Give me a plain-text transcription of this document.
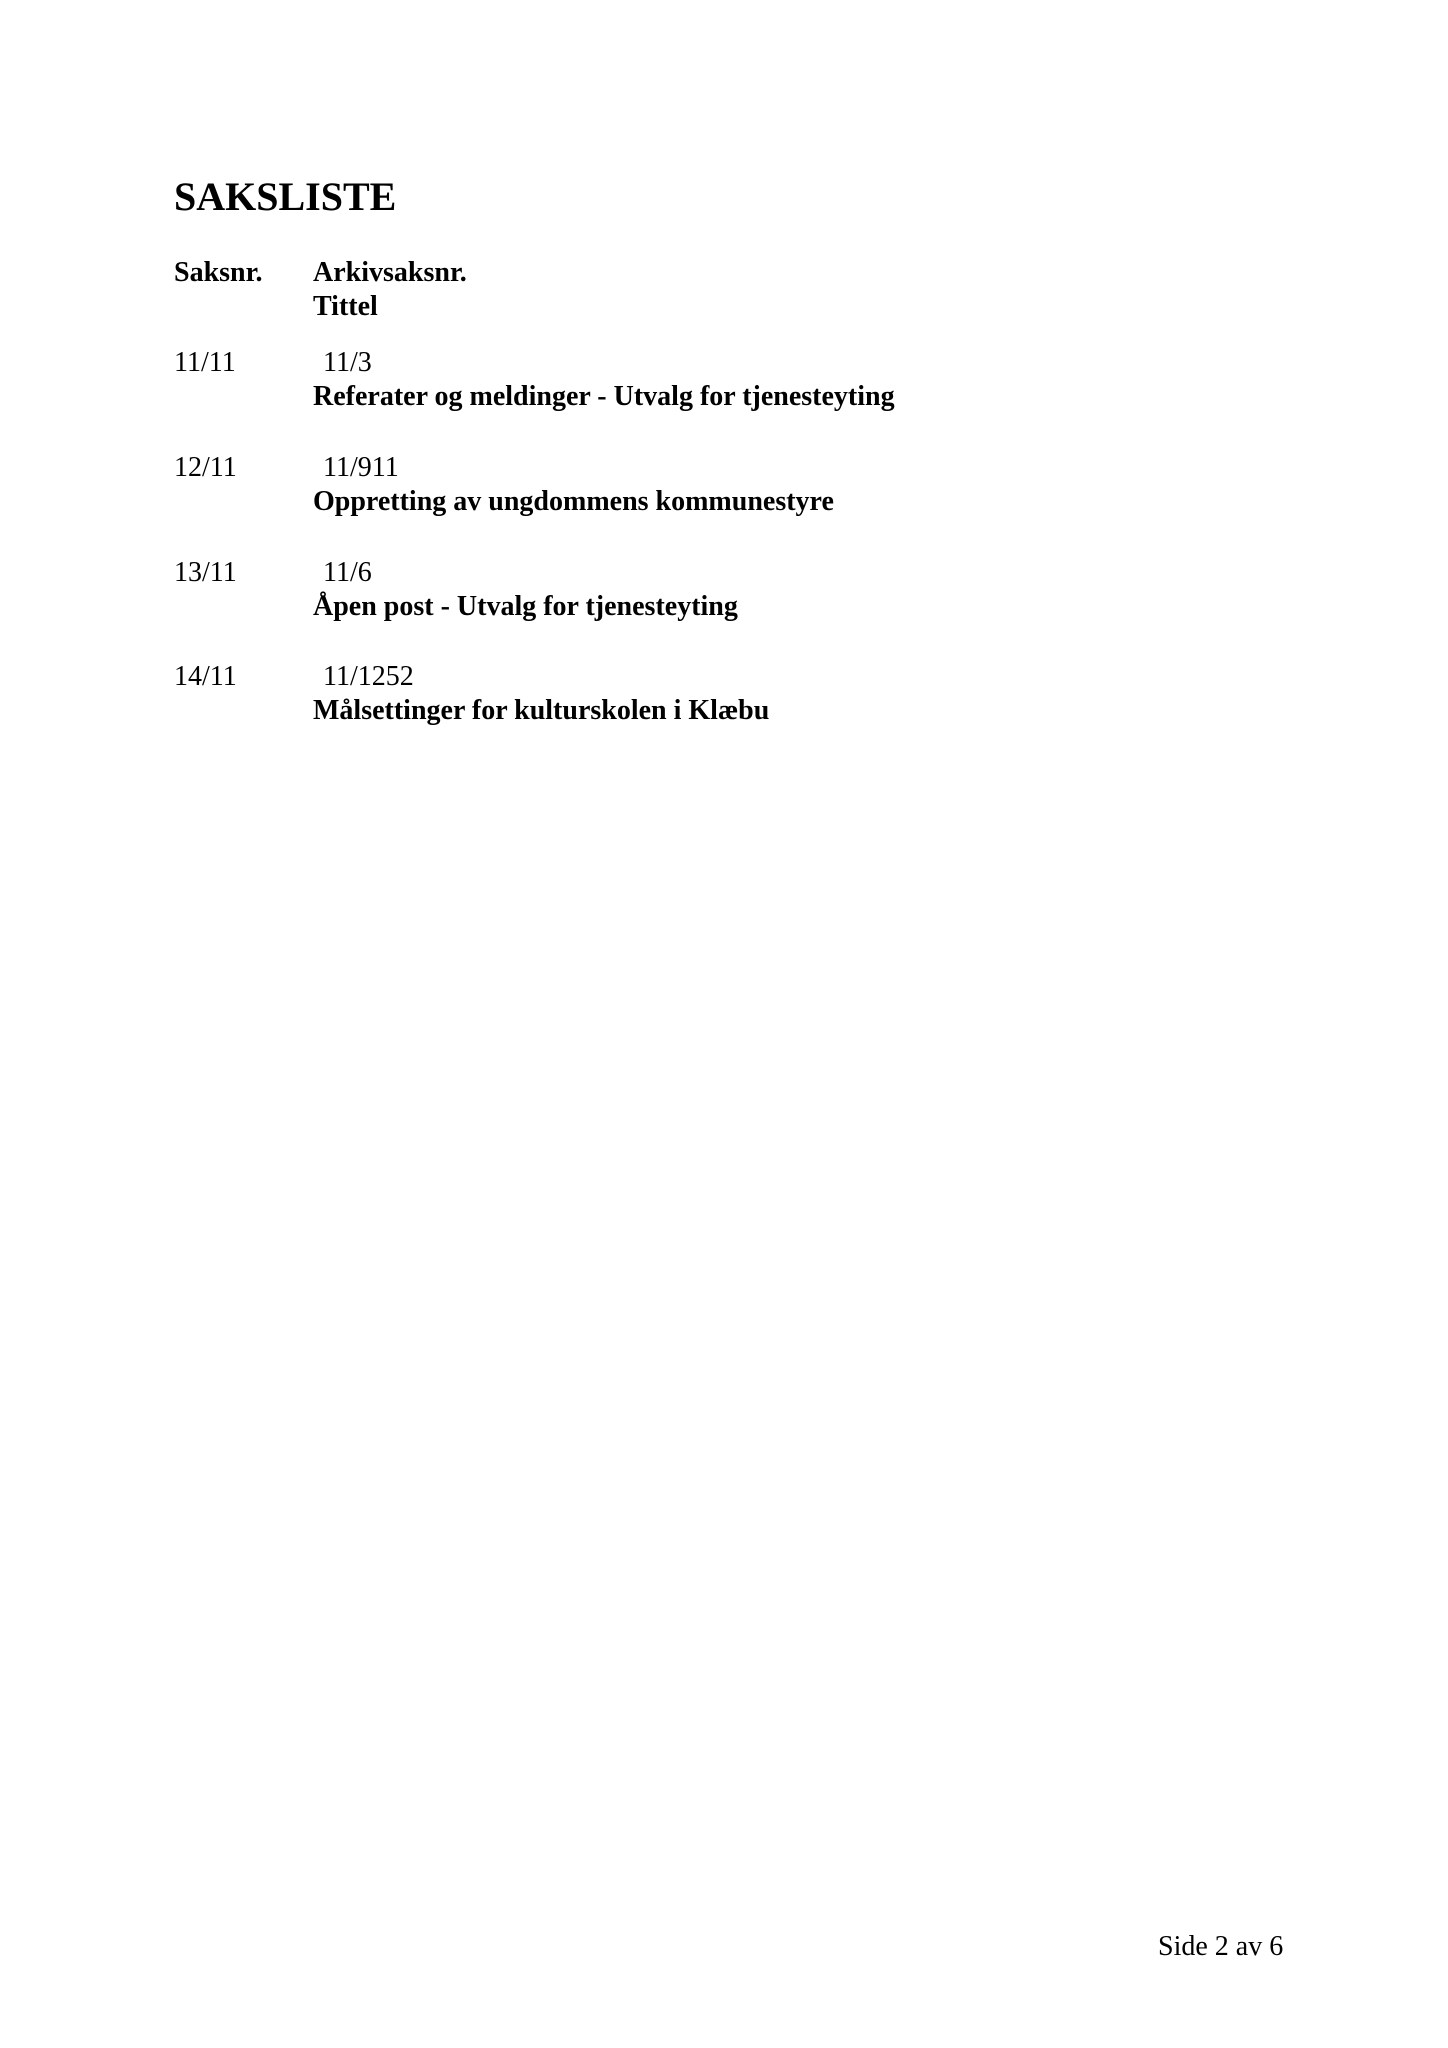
SAKSLISTE
Saksnr. Arkivsaksnr.
Tittel
11/11	11/3
Referater og meldinger - Utvalg for tjenesteyting
12/11	11/911
Oppretting av ungdommens kommunestyre
13/11	11/6
Åpen post - Utvalg for tjenesteyting
14/11	11/1252
Målsettinger for kulturskolen i Klæbu
Side 2 av 6
